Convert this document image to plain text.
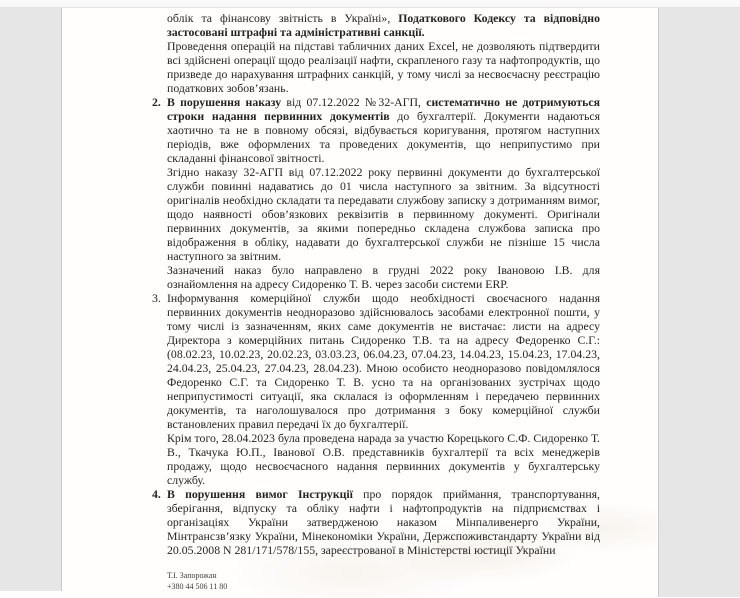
облік та фінансову звітність в Україні», Податкового Кодексу та відповідно застосовані штрафні та адміністративні санкції.
Проведення операцій на підставі табличних даних Excel, не дозволяють підтвердити всі здійснені операції щодо реалізації нафти, скрапленого газу та нафтопродуктів, що призведе до нарахування штрафних санкцій, у тому числі за несвоєчасну реєстрацію податкових зобов’язань.
2. В порушення наказу від 07.12.2022 №32-АГП, систематично не дотримуються строки надання первинних документів до бухгалтерії. Документи надаються хаотично та не в повному обсязі, відбувається коригування, протягом наступних періодів, вже оформлених та проведених документів, що неприпустимо при складанні фінансової звітності.
Згідно наказу 32-АГП від 07.12.2022 року первинні документи до бухгалтерської служби повинні надаватись до 01 числа наступного за звітним. За відсутності оригіналів необхідно складати та передавати службову записку з дотриманням вимог, щодо наявності обов’язкових реквізитів в первинному документі. Оригінали первинних документів, за якими попередньо складена службова записка про відображення в обліку, надавати до бухгалтерської служби не пізніше 15 числа наступного за звітним.
Зазначений наказ було направлено в грудні 2022 року Івановою І.В. для ознайомлення на адресу Сидоренко Т. В. через засоби системи ERP.
3. Інформування комерційної служби щодо необхідності своєчасного надання первинних документів неодноразово здійснювалось засобами електронної пошти, у тому числі із зазначенням, яких саме документів не вистачає: листи на адресу Директора з комерційних питань Сидоренко Т.В. та на адресу Федоренко С.Г.: (08.02.23, 10.02.23, 20.02.23, 03.03.23, 06.04.23, 07.04.23, 14.04.23, 15.04.23, 17.04.23, 24.04.23, 25.04.23, 27.04.23, 28.04.23). Мною особисто неодноразово повідомлялося Федоренко С.Г. та Сидоренко Т. В. усно та на організованих зустрічах щодо неприпустимості ситуації, яка склалася із оформленням і передачею первинних документів, та наголошувалося про дотримання з боку комерційної служби встановлених правил передачі їх до бухгалтерії.
Крім того, 28.04.2023 була проведена нарада за участю Корецького С.Ф. Сидоренко Т. В., Ткачука Ю.П., Іванової О.В. представників бухгалтерії та всіх менеджерів продажу, щодо несвоєчасного надання первинних документів у бухгалтерську службу.
4. В порушення вимог Інструкції про порядок приймання, транспортування, зберігання, відпуску та обліку нафти і нафтопродуктів на підприємствах і організаціях України затвердженою наказом Мінпаливенерго України, Мінтрансзв’язку України, Мінекономіки України, Держспоживстандарту України від 20.05.2008 N 281/171/578/155, зареєстрованої в Міністерстві юстиції України
Т.І. Запорожан
+380 44 506 11 80
